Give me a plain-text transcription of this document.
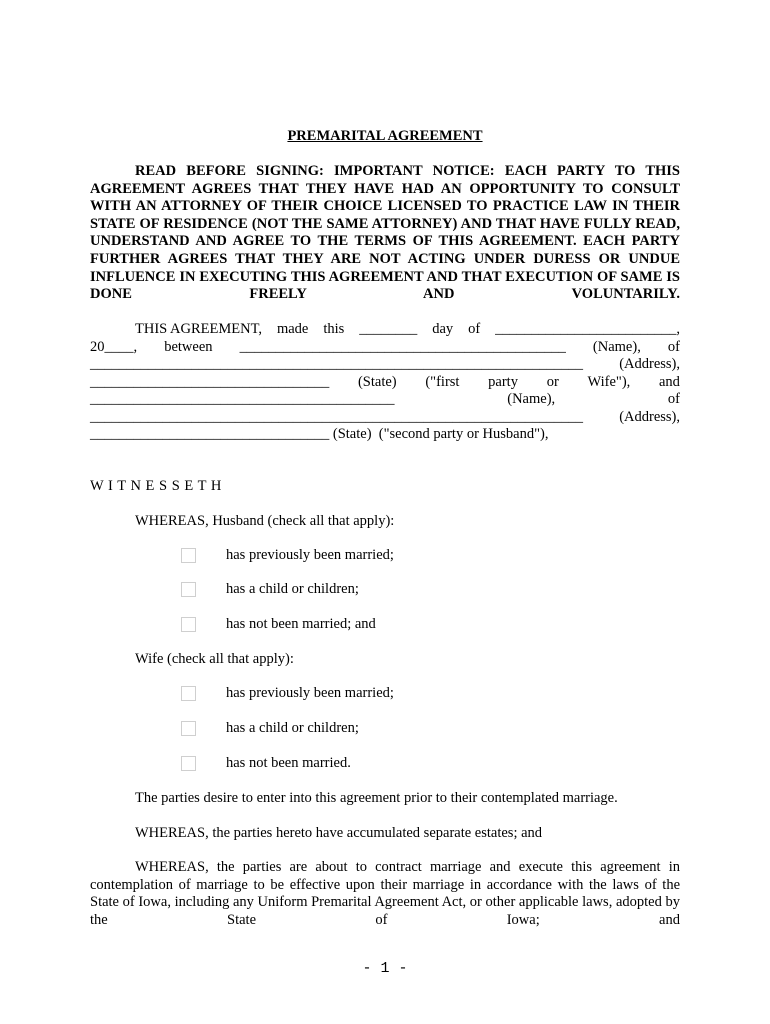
PREMARITAL AGREEMENT
READ BEFORE SIGNING: IMPORTANT NOTICE: EACH PARTY TO THIS AGREEMENT AGREES THAT THEY HAVE HAD AN OPPORTUNITY TO CONSULT WITH AN ATTORNEY OF THEIR CHOICE LICENSED TO PRACTICE LAW IN THEIR STATE OF RESIDENCE (NOT THE SAME ATTORNEY) AND THAT HAVE FULLY READ, UNDERSTAND AND AGREE TO THE TERMS OF THIS AGREEMENT. EACH PARTY FURTHER AGREES THAT THEY ARE NOT ACTING UNDER DURESS OR UNDUE INFLUENCE IN EXECUTING THIS AGREEMENT AND THAT EXECUTION OF SAME IS DONE FREELY AND VOLUNTARILY.
THIS AGREEMENT, made this ________ day of _________________________,
20____, between _____________________________________________ (Name), of
____________________________________________________________________ (Address),
_________________________________ (State) ("first party or Wife"), and
__________________________________________	(Name),	of
____________________________________________________________________ (Address),
_________________________________ (State)  ("second party or Husband"),
W I T N E S S E T H
WHEREAS, Husband (check all that apply):
has previously been married;
has a child or children;
has not been married; and
Wife (check all that apply):
has previously been married;
has a child or children;
has not been married.
The parties desire to enter into this agreement prior to their contemplated marriage.
WHEREAS, the parties hereto have accumulated separate estates; and
WHEREAS, the parties are about to contract marriage and execute this agreement in contemplation of marriage to be effective upon their marriage in accordance with the laws of the State of Iowa, including any Uniform Premarital Agreement Act, or other applicable laws, adopted by the State of Iowa; and
- 1 -
